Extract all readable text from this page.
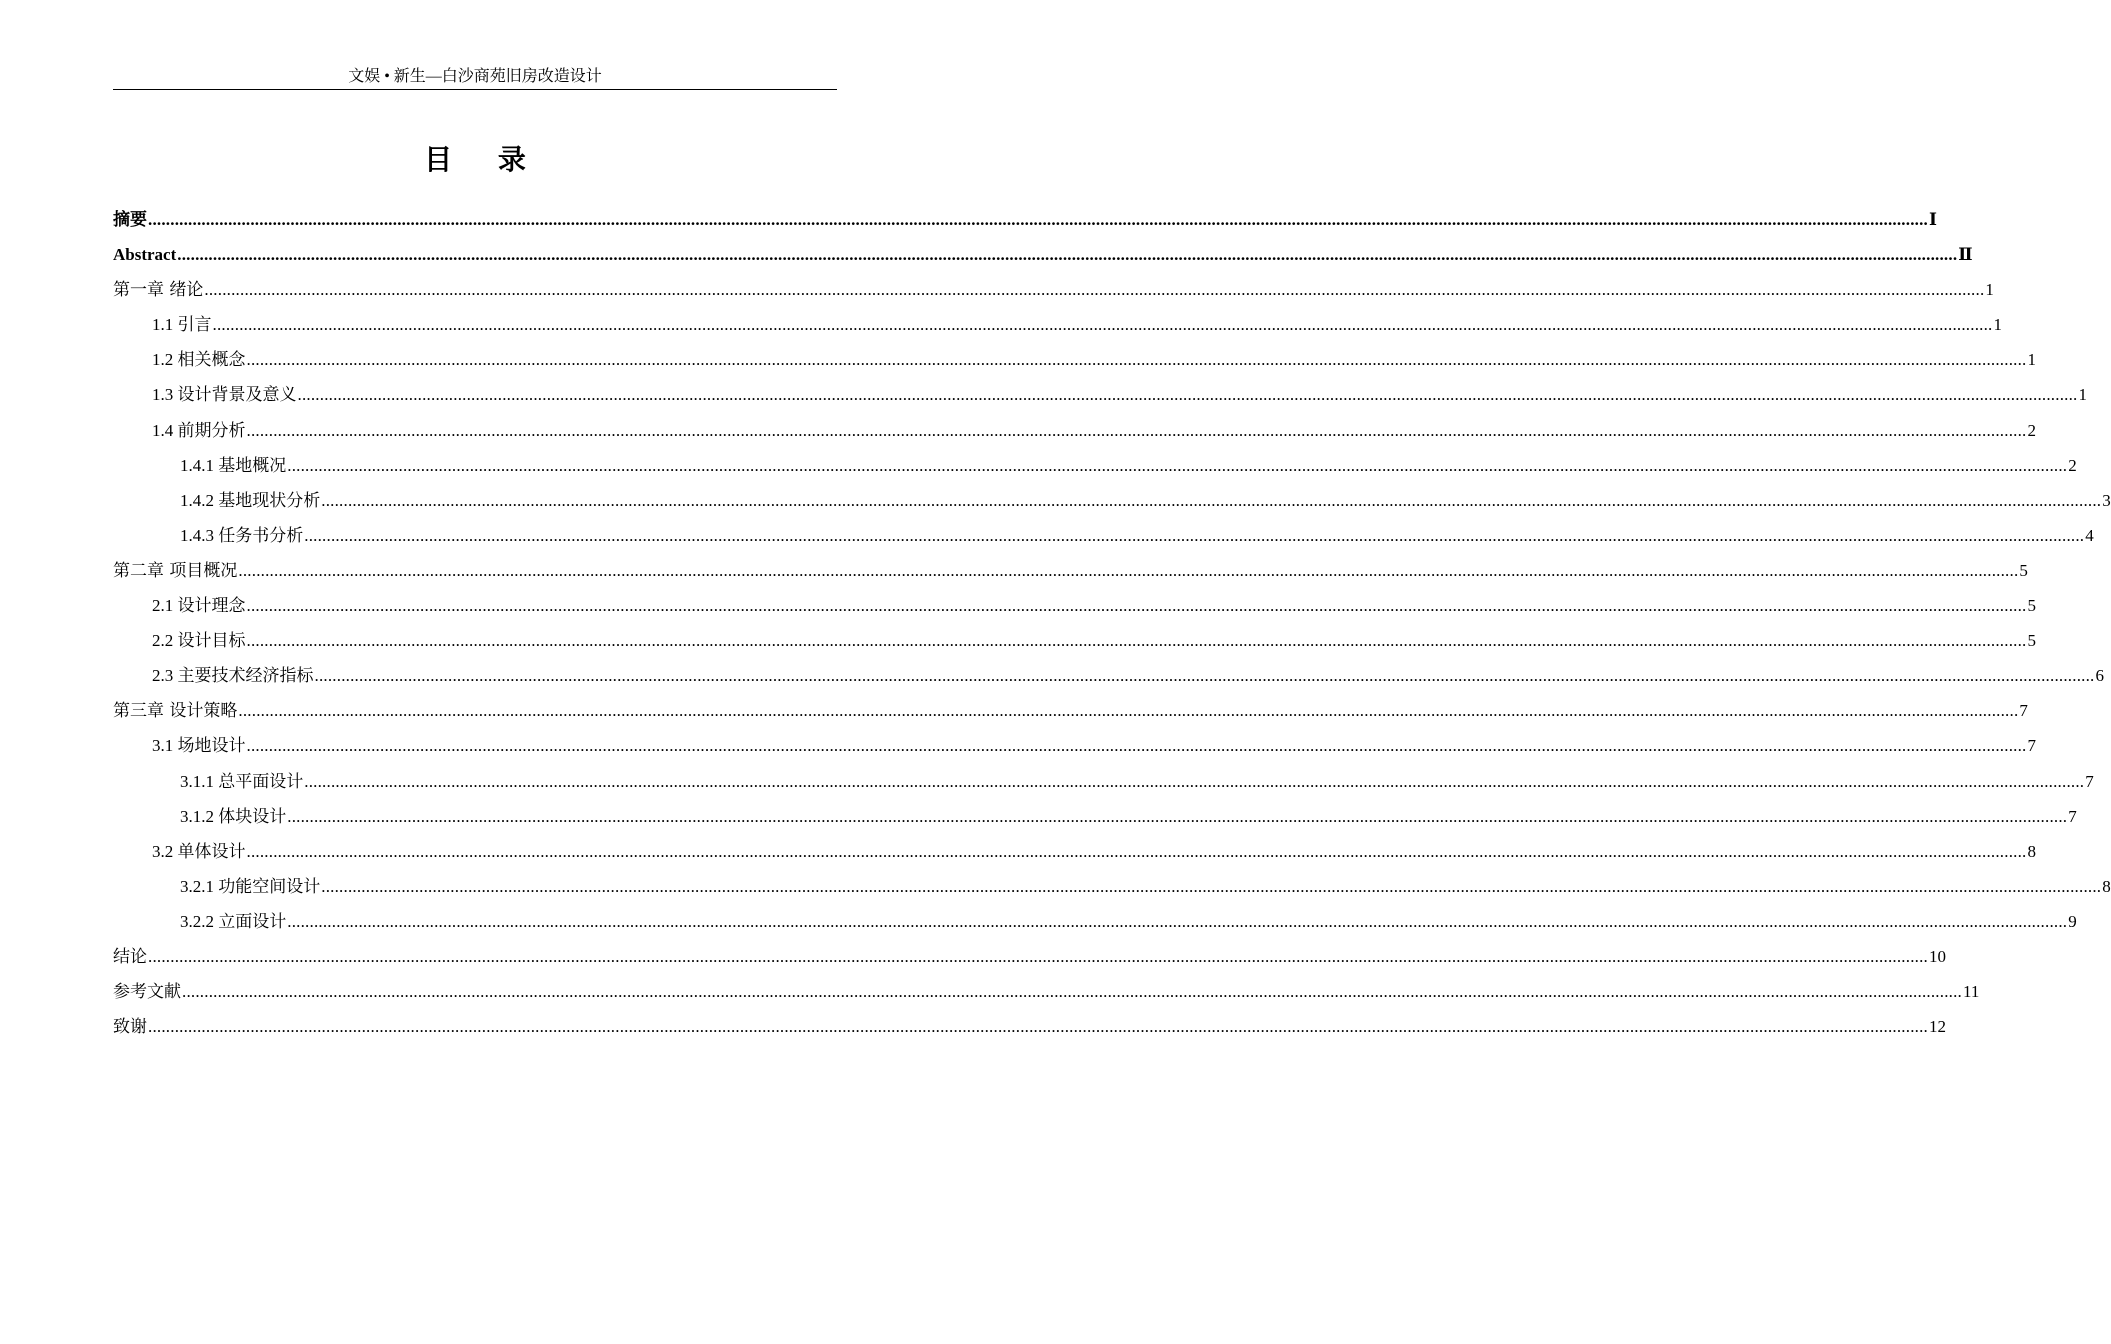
文娱 • 新生—白沙商苑旧房改造设计
目 录
摘要 ................................................................................................................................................................................................................................................................................................................................................................................................................ Ⅰ
Abstract ................................................................................................................................................................................................................................................................................................................................................................................................................ Ⅱ
第一章 绪论 ................................................................................................................................................................................................................................................................................................................................................................................................................ 1
1.1 引言 ................................................................................................................................................................................................................................................................................................................................................................................................................ 1
1.2 相关概念 ................................................................................................................................................................................................................................................................................................................................................................................................................ 1
1.3 设计背景及意义 ................................................................................................................................................................................................................................................................................................................................................................................................................ 1
1.4 前期分析 ................................................................................................................................................................................................................................................................................................................................................................................................................ 2
1.4.1 基地概况 ................................................................................................................................................................................................................................................................................................................................................................................................................ 2
1.4.2 基地现状分析 ................................................................................................................................................................................................................................................................................................................................................................................................................ 3
1.4.3 任务书分析 ................................................................................................................................................................................................................................................................................................................................................................................................................ 4
第二章 项目概况 ................................................................................................................................................................................................................................................................................................................................................................................................................ 5
2.1 设计理念 ................................................................................................................................................................................................................................................................................................................................................................................................................ 5
2.2 设计目标 ................................................................................................................................................................................................................................................................................................................................................................................................................ 5
2.3 主要技术经济指标 ................................................................................................................................................................................................................................................................................................................................................................................................................ 6
第三章 设计策略 ................................................................................................................................................................................................................................................................................................................................................................................................................ 7
3.1 场地设计 ................................................................................................................................................................................................................................................................................................................................................................................................................ 7
3.1.1 总平面设计 ................................................................................................................................................................................................................................................................................................................................................................................................................ 7
3.1.2 体块设计 ................................................................................................................................................................................................................................................................................................................................................................................................................ 7
3.2 单体设计 ................................................................................................................................................................................................................................................................................................................................................................................................................ 8
3.2.1 功能空间设计 ................................................................................................................................................................................................................................................................................................................................................................................................................ 8
3.2.2 立面设计 ................................................................................................................................................................................................................................................................................................................................................................................................................ 9
结论 ................................................................................................................................................................................................................................................................................................................................................................................................................ 10
参考文献 ................................................................................................................................................................................................................................................................................................................................................................................................................ 11
致谢 ................................................................................................................................................................................................................................................................................................................................................................................................................ 12
